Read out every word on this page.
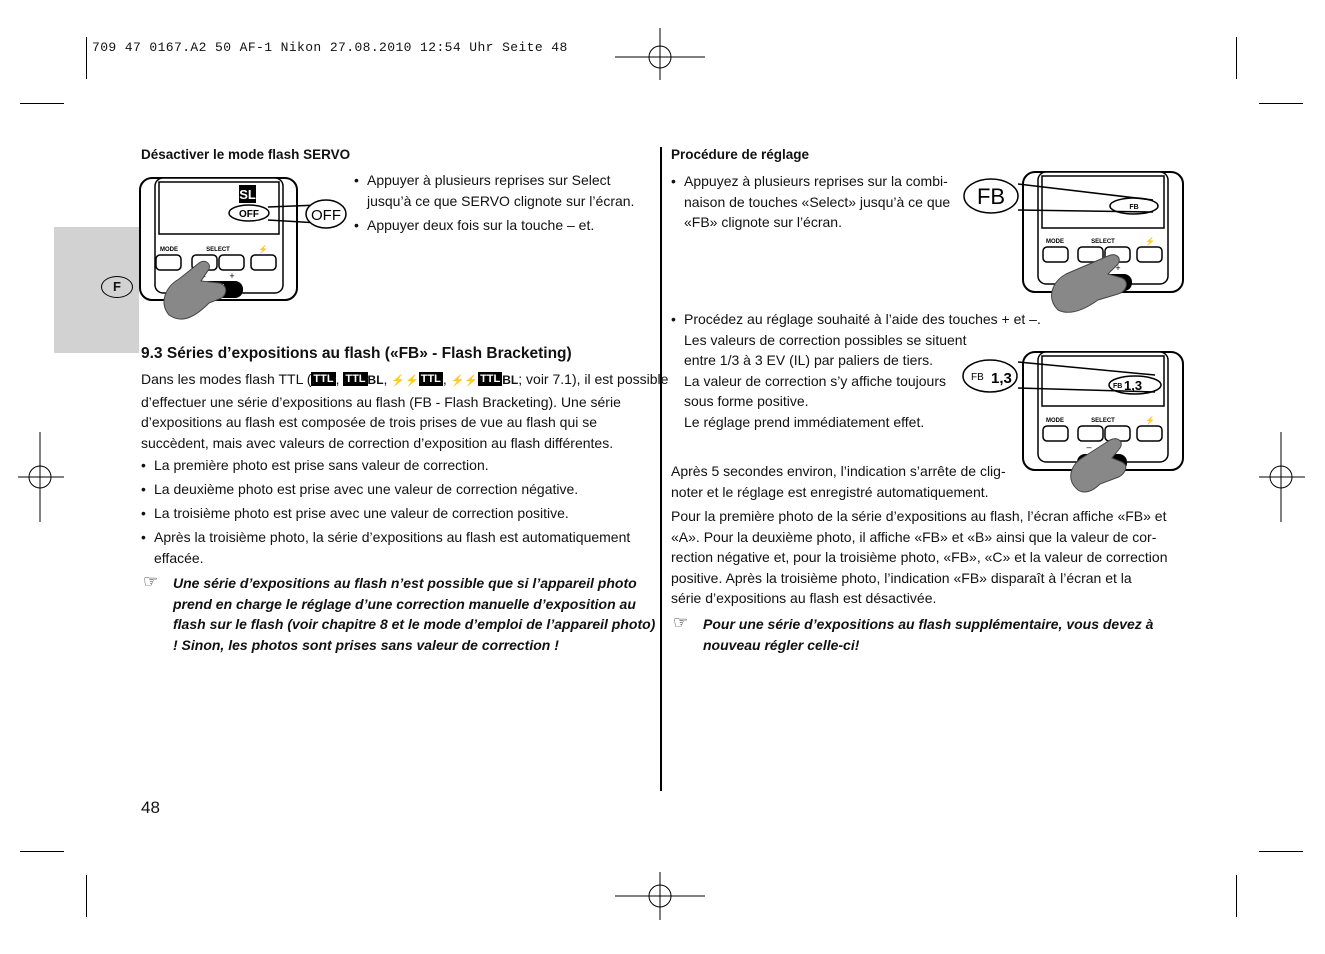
709 47 0167.A2 50 AF-1 Nikon 27.08.2010 12:54 Uhr Seite 48
F
Désactiver le mode flash SERVO
SL
OFF	OFF
MODE	SELECT	⚡
+
• Appuyer à plusieurs reprises sur Select
jusqu’à ce que SERVO clignote sur l’écran.
• Appuyer deux fois sur la touche – et.
9.3 Séries d’expositions au flash («FB» - Flash Bracketing)
Dans les modes flash TTL ( TTL , TTL BL, ⚡⚡ TTL , ⚡⚡ TTL BL; voir 7.1), il est possible
d’effectuer une série d’expositions au flash (FB - Flash Bracketing). Une série
d’expositions au flash est composée de trois prises de vue au flash qui se
succèdent, mais avec valeurs de correction d’exposition au flash différentes.
• La première photo est prise sans valeur de correction.
• La deuxième photo est prise avec une valeur de correction négative.
• La troisième photo est prise avec une valeur de correction positive.
• Après la troisième photo, la série d’expositions au flash est automatiquement
effacée.
☞ Une série d’expositions au flash n’est possible que si l’appareil photo
prend en charge le réglage d’une correction manuelle d’exposition au
flash sur le flash (voir chapitre 8 et le mode d’emploi de l’appareil photo)
! Sinon, les photos sont prises sans valeur de correction !
48
Procédure de réglage
• Appuyez à plusieurs reprises sur la combi-
naison de touches «Select» jusqu’à ce que
«FB» clignote sur l’écran.
FB
FB
MODE	SELECT	⚡
+
• Procédez au réglage souhaité à l’aide des touches + et –.
Les valeurs de correction possibles se situent
entre 1/3 à 3 EV (IL) par paliers de tiers.
La valeur de correction s’y affiche toujours
sous forme positive.
Le réglage prend immédiatement effet.
FB 1,3
FB 1,3
MODE	SELECT	⚡
–
Après 5 secondes environ, l’indication s’arrête de clig-
noter et le réglage est enregistré automatiquement.
Pour la première photo de la série d’expositions au flash, l’écran affiche «FB» et
«A». Pour la deuxième photo, il affiche «FB» et «B» ainsi que la valeur de cor-
rection négative et, pour la troisième photo, «FB», «C» et la valeur de correction
positive. Après la troisième photo, l’indication «FB» disparaît à l’écran et la
série d’expositions au flash est désactivée.
☞ Pour une série d’expositions au flash supplémentaire, vous devez à
nouveau régler celle-ci!
